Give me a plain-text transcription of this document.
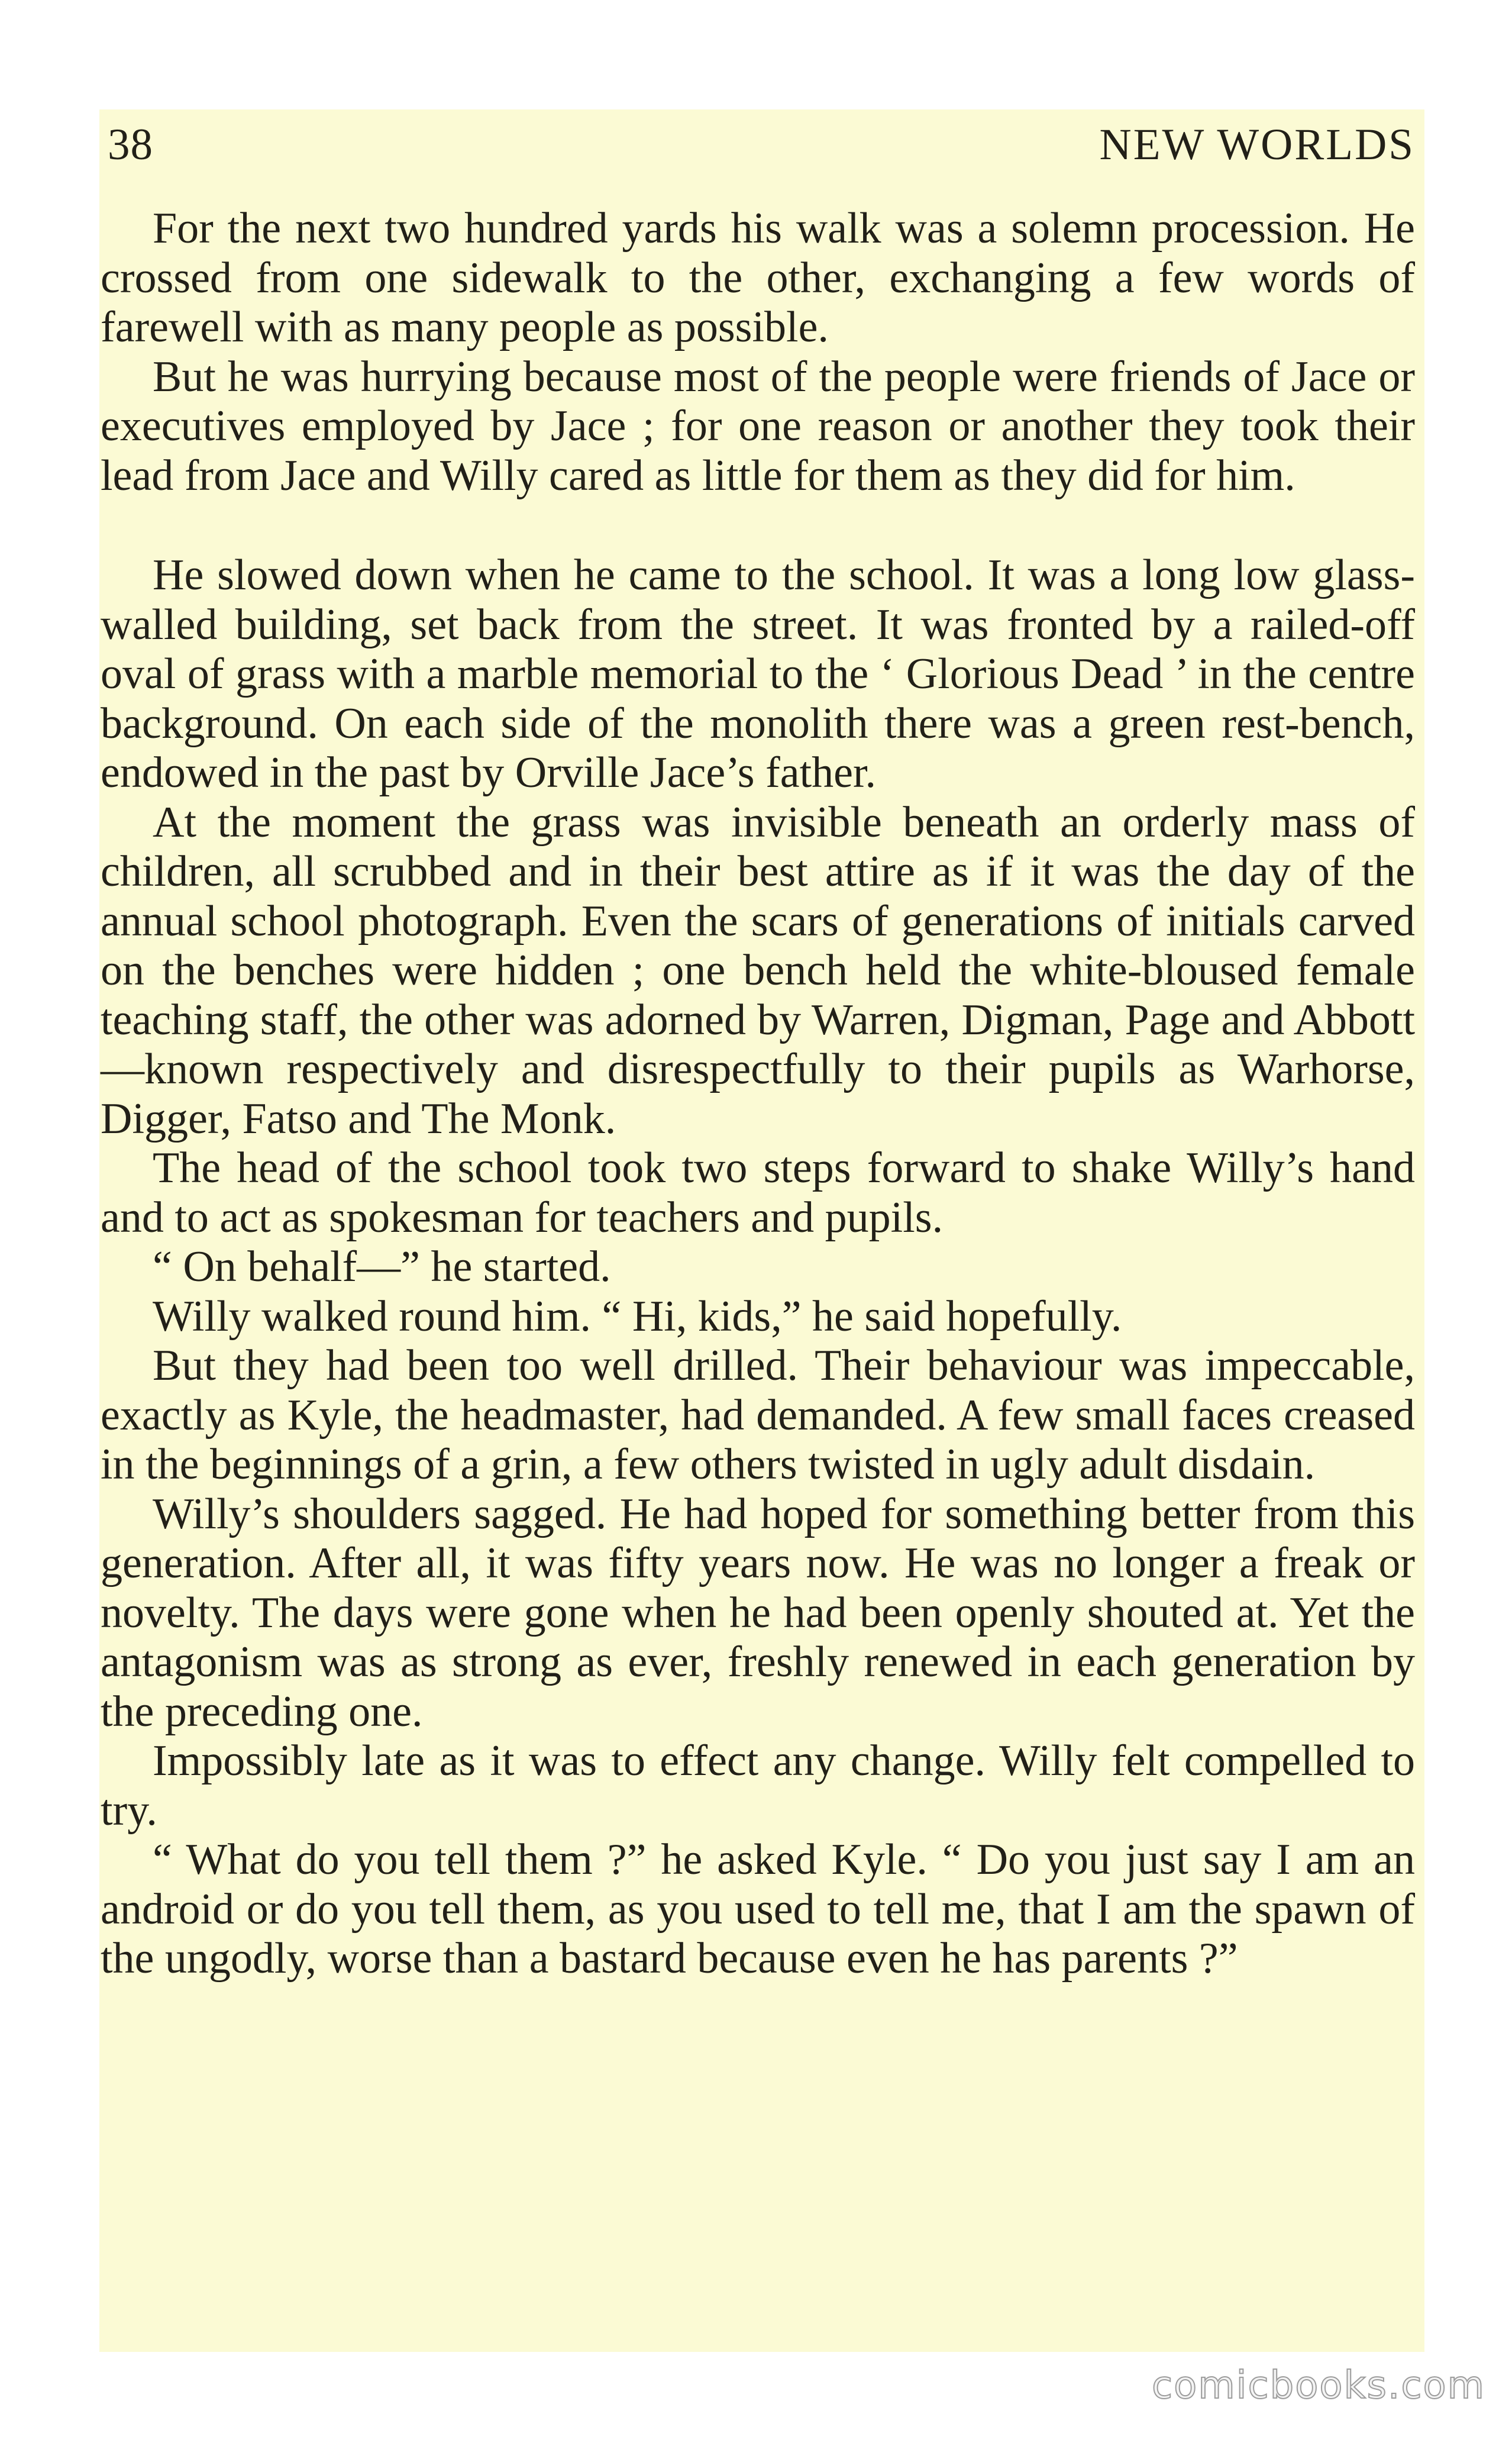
38	NEW WORLDS

For the next two hundred yards his walk was a solemn procession. He crossed from one sidewalk to the other, exchanging a few words of farewell with as many people as possible.

But he was hurrying because most of the people were friends of Jace or executives employed by Jace ; for one reason or another they took their lead from Jace and Willy cared as little for them as they did for him.

He slowed down when he came to the school. It was a long low glass-walled building, set back from the street. It was fronted by a railed-off oval of grass with a marble memorial to the ‘ Glorious Dead ’ in the centre background. On each side of the monolith there was a green rest-bench, endowed in the past by Orville Jace’s father.

At the moment the grass was invisible beneath an orderly mass of children, all scrubbed and in their best attire as if it was the day of the annual school photograph. Even the scars of generations of initials carved on the benches were hidden ; one bench held the white-bloused female teaching staff, the other was adorned by Warren, Digman, Page and Abbott—known respectively and disrespectfully to their pupils as Warhorse, Digger, Fatso and The Monk.

The head of the school took two steps forward to shake Willy’s hand and to act as spokesman for teachers and pupils.

“ On behalf—” he started.

Willy walked round him. “ Hi, kids,” he said hopefully.

But they had been too well drilled. Their behaviour was impeccable, exactly as Kyle, the headmaster, had demanded. A few small faces creased in the beginnings of a grin, a few others twisted in ugly adult disdain.

Willy’s shoulders sagged. He had hoped for something better from this generation. After all, it was fifty years now. He was no longer a freak or novelty. The days were gone when he had been openly shouted at. Yet the antagonism was as strong as ever, freshly renewed in each generation by the preceding one.

Impossibly late as it was to effect any change. Willy felt compelled to try.

“ What do you tell them ?” he asked Kyle. “ Do you just say I am an android or do you tell them, as you used to tell me, that I am the spawn of the ungodly, worse than a bastard because even he has parents ?”

comicbooks.com
